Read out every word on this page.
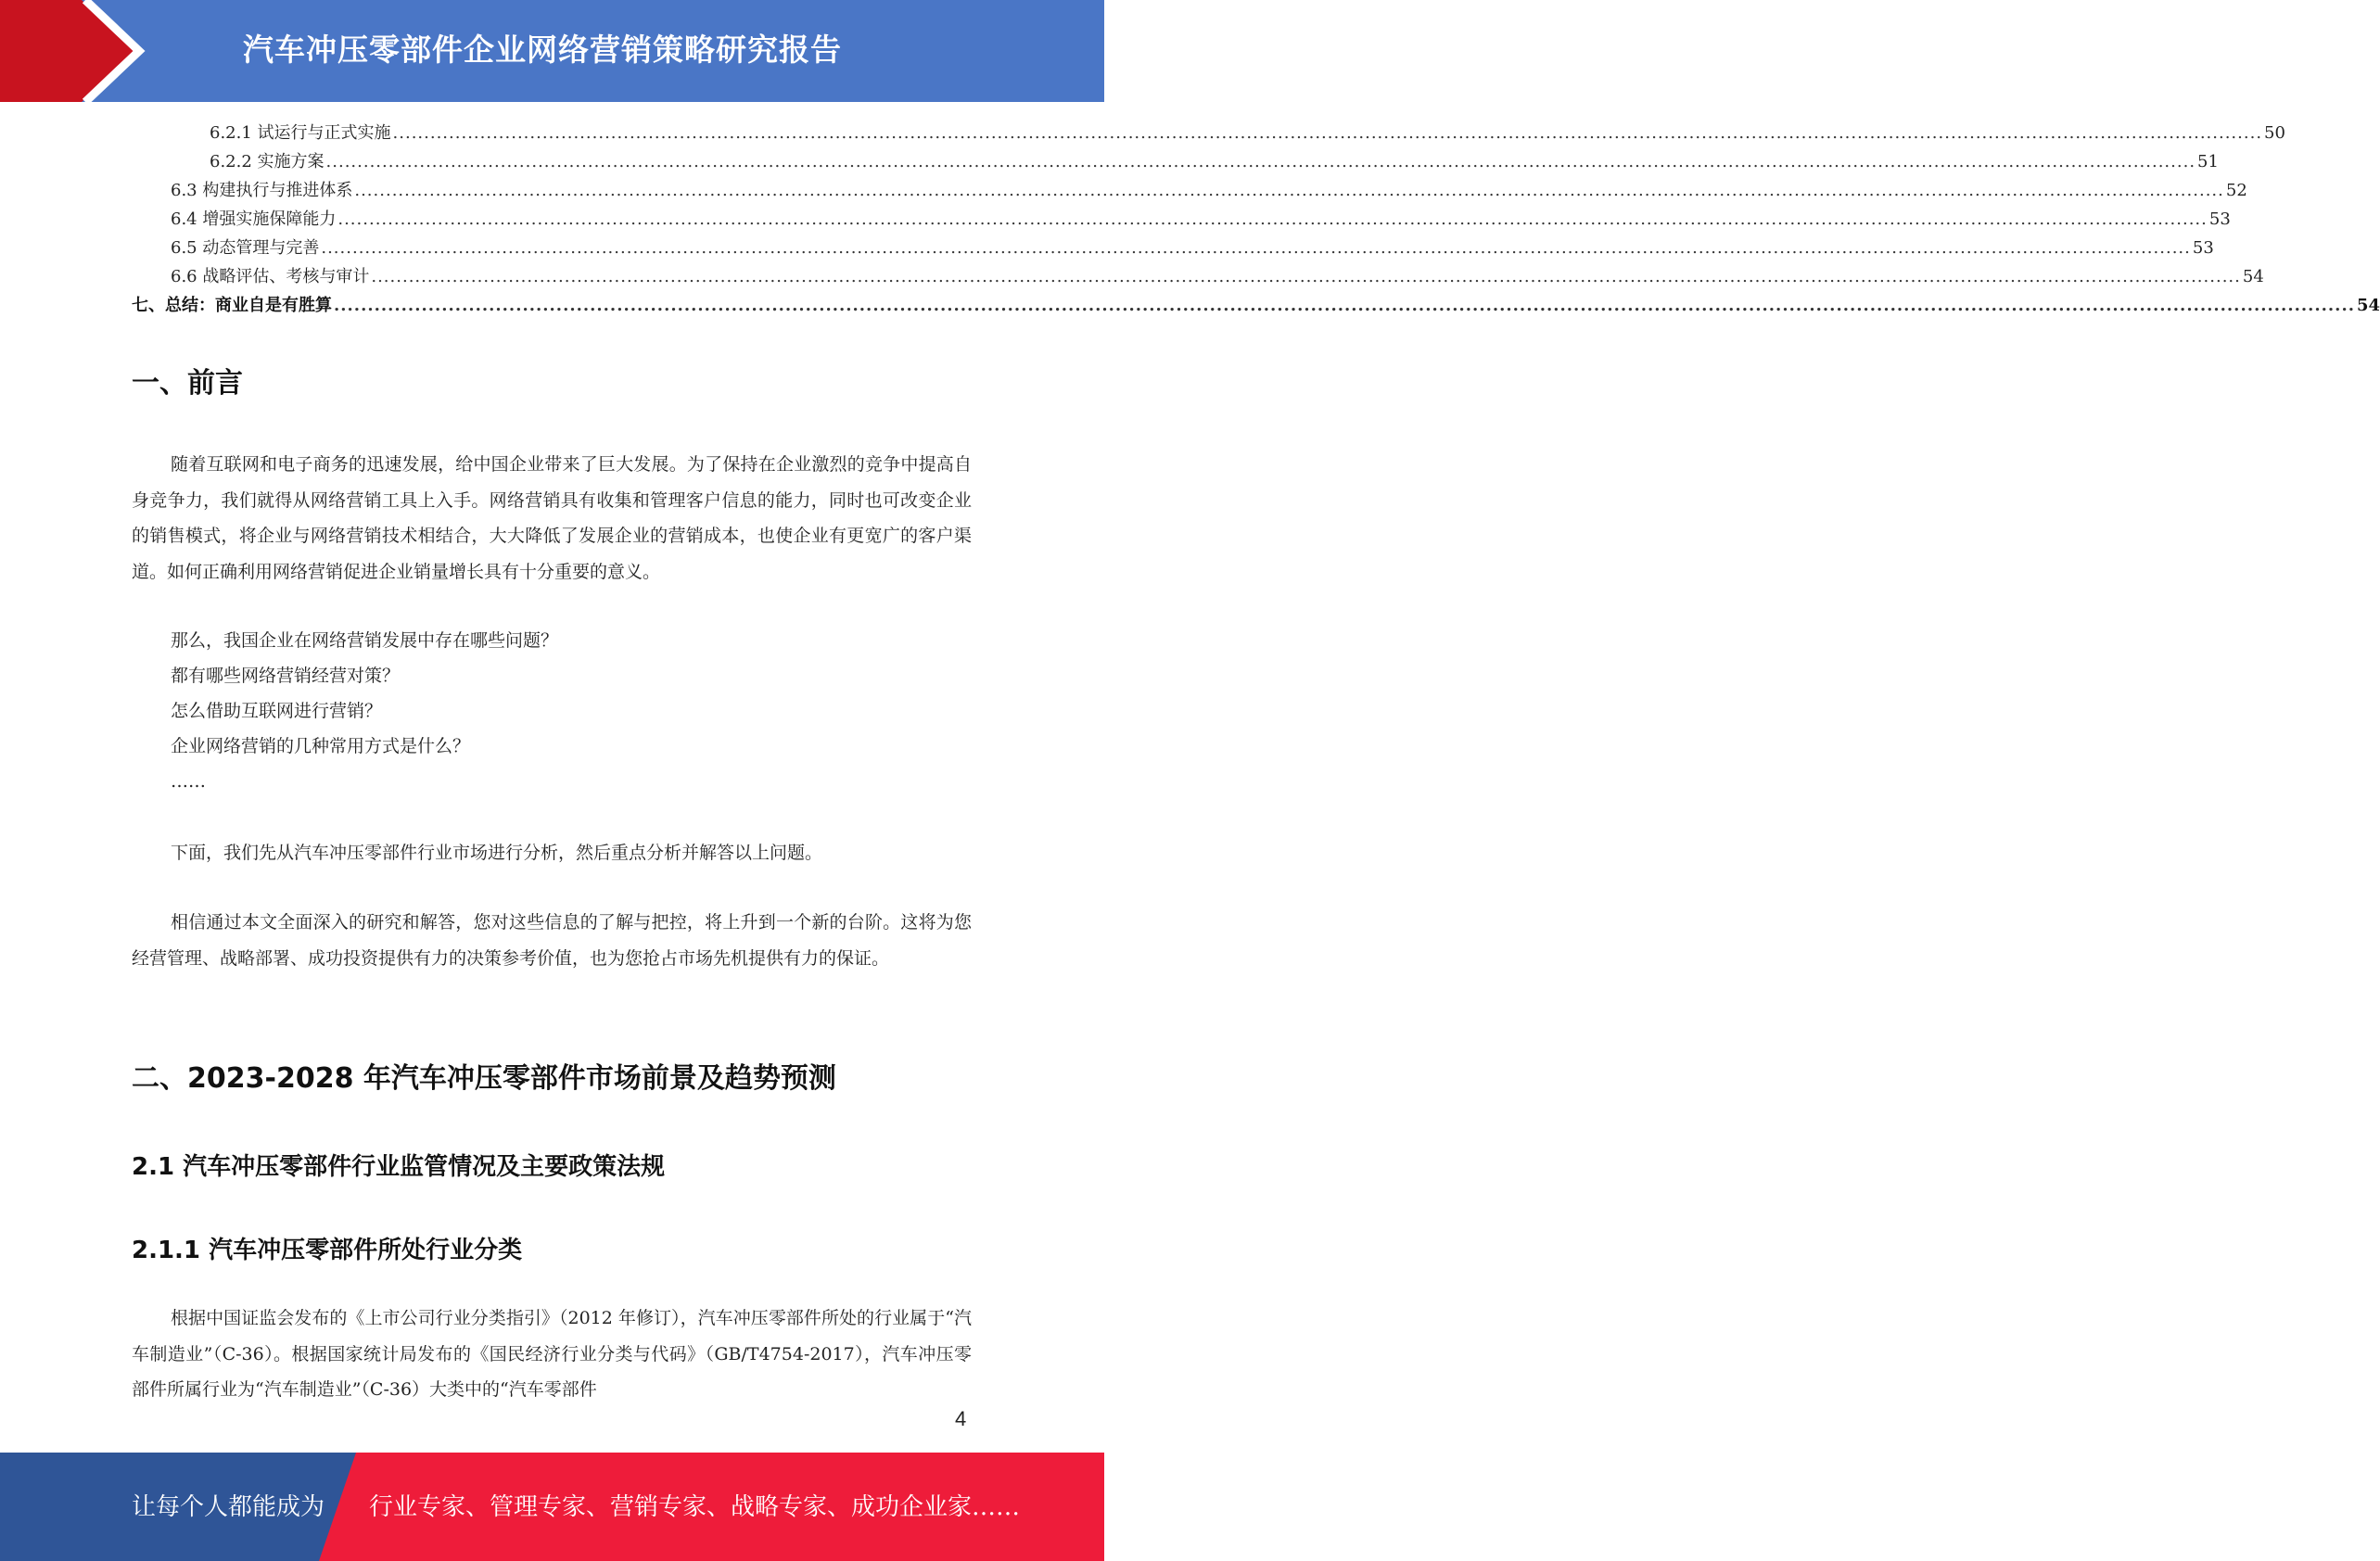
汽车冲压零部件企业网络营销策略研究报告
6.2.1 试运行与正式实施 ............................................................................................................................................................................................................................................................................................................ 50
6.2.2 实施方案 ............................................................................................................................................................................................................................................................................................................ 51
6.3 构建执行与推进体系 ............................................................................................................................................................................................................................................................................................................ 52
6.4 增强实施保障能力 ............................................................................................................................................................................................................................................................................................................ 53
6.5 动态管理与完善 ............................................................................................................................................................................................................................................................................................................ 53
6.6 战略评估、考核与审计 ............................................................................................................................................................................................................................................................................................................ 54
七、总结：商业自是有胜算 ............................................................................................................................................................................................................................................................................................................ 54
一、前言
随着互联网和电子商务的迅速发展，给中国企业带来了巨大发展。为了保持在企业激烈的竞争中提高自身竞争力，我们就得从网络营销工具上入手。网络营销具有收集和管理客户信息的能力，同时也可改变企业的销售模式，将企业与网络营销技术相结合，大大降低了发展企业的营销成本，也使企业有更宽广的客户渠道。如何正确利用网络营销促进企业销量增长具有十分重要的意义。
那么，我国企业在网络营销发展中存在哪些问题？
都有哪些网络营销经营对策？
怎么借助互联网进行营销？
企业网络营销的几种常用方式是什么？
……
下面，我们先从汽车冲压零部件行业市场进行分析，然后重点分析并解答以上问题。
相信通过本文全面深入的研究和解答，您对这些信息的了解与把控，将上升到一个新的台阶。这将为您经营管理、战略部署、成功投资提供有力的决策参考价值，也为您抢占市场先机提供有力的保证。
二、2023-2028 年汽车冲压零部件市场前景及趋势预测
2.1 汽车冲压零部件行业监管情况及主要政策法规
2.1.1 汽车冲压零部件所处行业分类
根据中国证监会发布的《上市公司行业分类指引》（2012 年修订），汽车冲压零部件所处的行业属于“汽车制造业”（C-36）。根据国家统计局发布的《国民经济行业分类与代码》（GB/T4754-2017），汽车冲压零部件所属行业为“汽车制造业”（C-36）大类中的“汽车零部件
4
让每个人都能成为 行业专家、管理专家、营销专家、战略专家、成功企业家……
